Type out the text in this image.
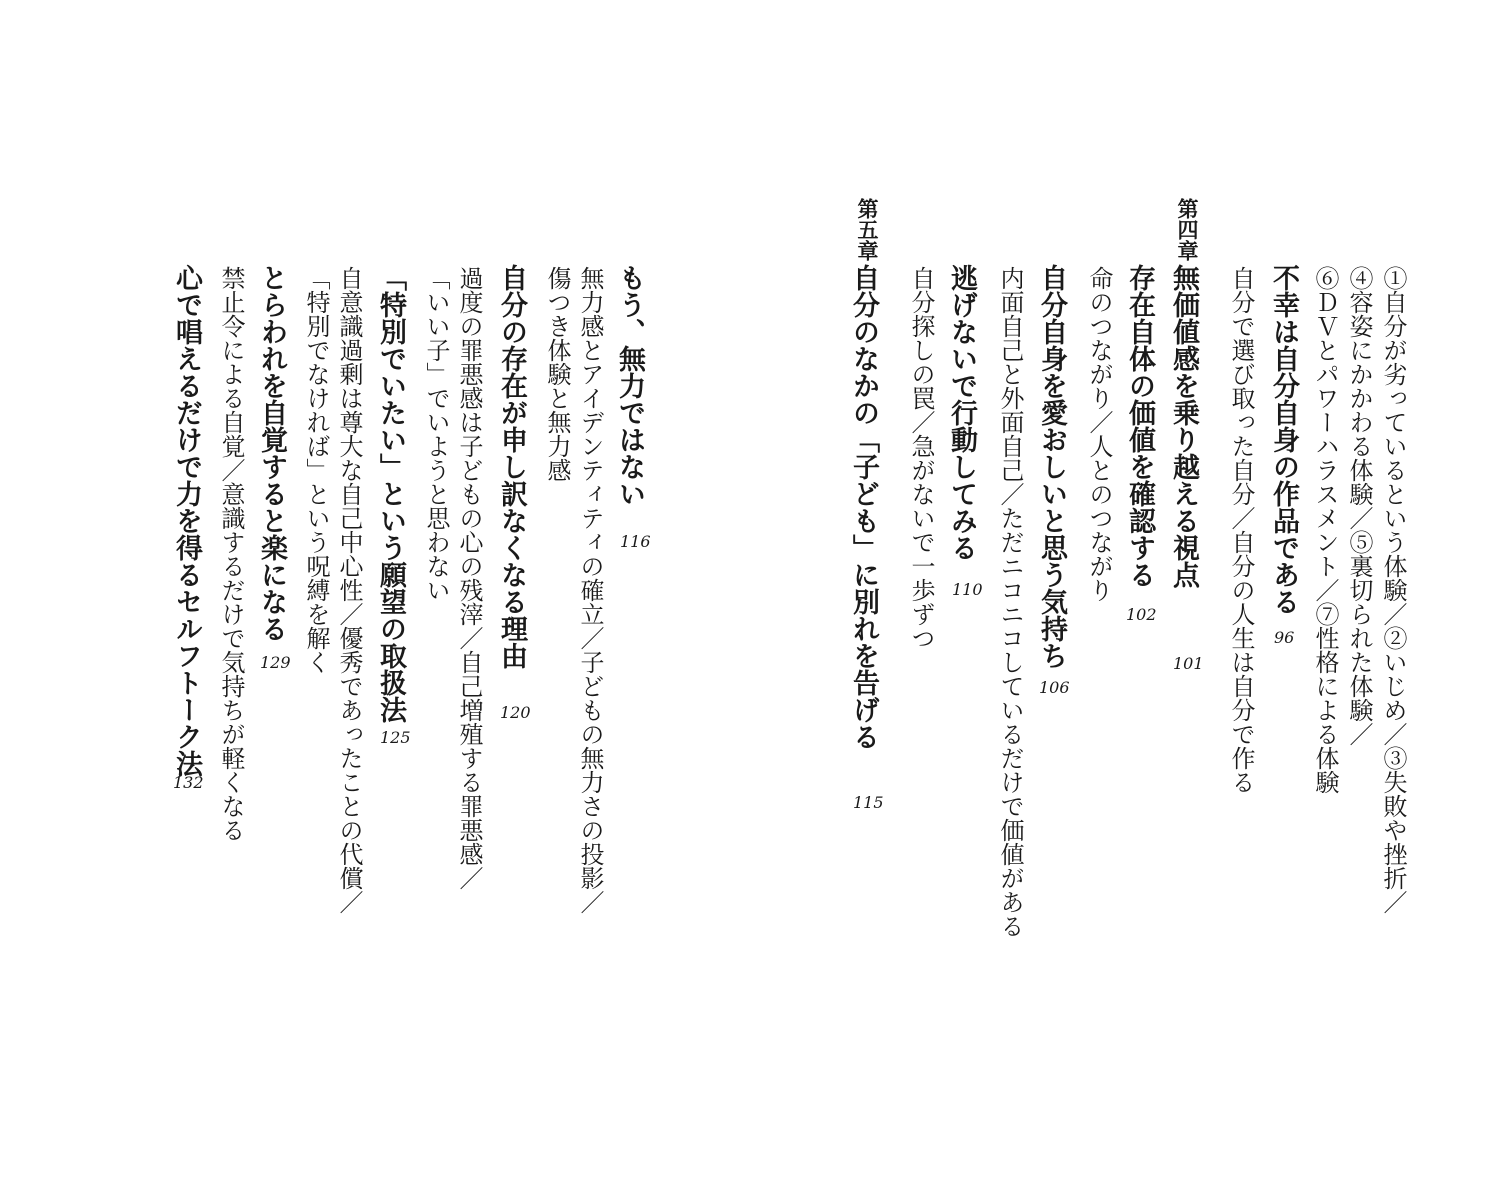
第四章
第五章
①自分が劣っているという体験／②いじめ／③失敗や挫折／
④容姿にかかわる体験／⑤裏切られた体験／
⑥ＤＶとパワーハラスメント／⑦性格による体験
不幸は自分自身の作品である
96
自分で選び取った自分／自分の人生は自分で作る
無価値感を乗り越える視点
101
存在自体の価値を確認する
102
命のつながり／人とのつながり
自分自身を愛おしいと思う気持ち
106
内面自己と外面自己／ただニコニコしているだけで価値がある
逃げないで行動してみる
110
自分探しの罠／急がないで一歩ずつ
自分のなかの「子ども」に別れを告げる
115
もう、無力ではない
116
無力感とアイデンティティの確立／子どもの無力さの投影／
傷つき体験と無力感
自分の存在が申し訳なくなる理由
120
過度の罪悪感は子どもの心の残滓／自己増殖する罪悪感／
「いい子」でいようと思わない
「特別でいたい」という願望の取扱法
125
自意識過剰は尊大な自己中心性／優秀であったことの代償／
「特別でなければ」という呪縛を解く
とらわれを自覚すると楽になる
129
禁止令による自覚／意識するだけで気持ちが軽くなる
心で唱えるだけで力を得るセルフトーク法
132
